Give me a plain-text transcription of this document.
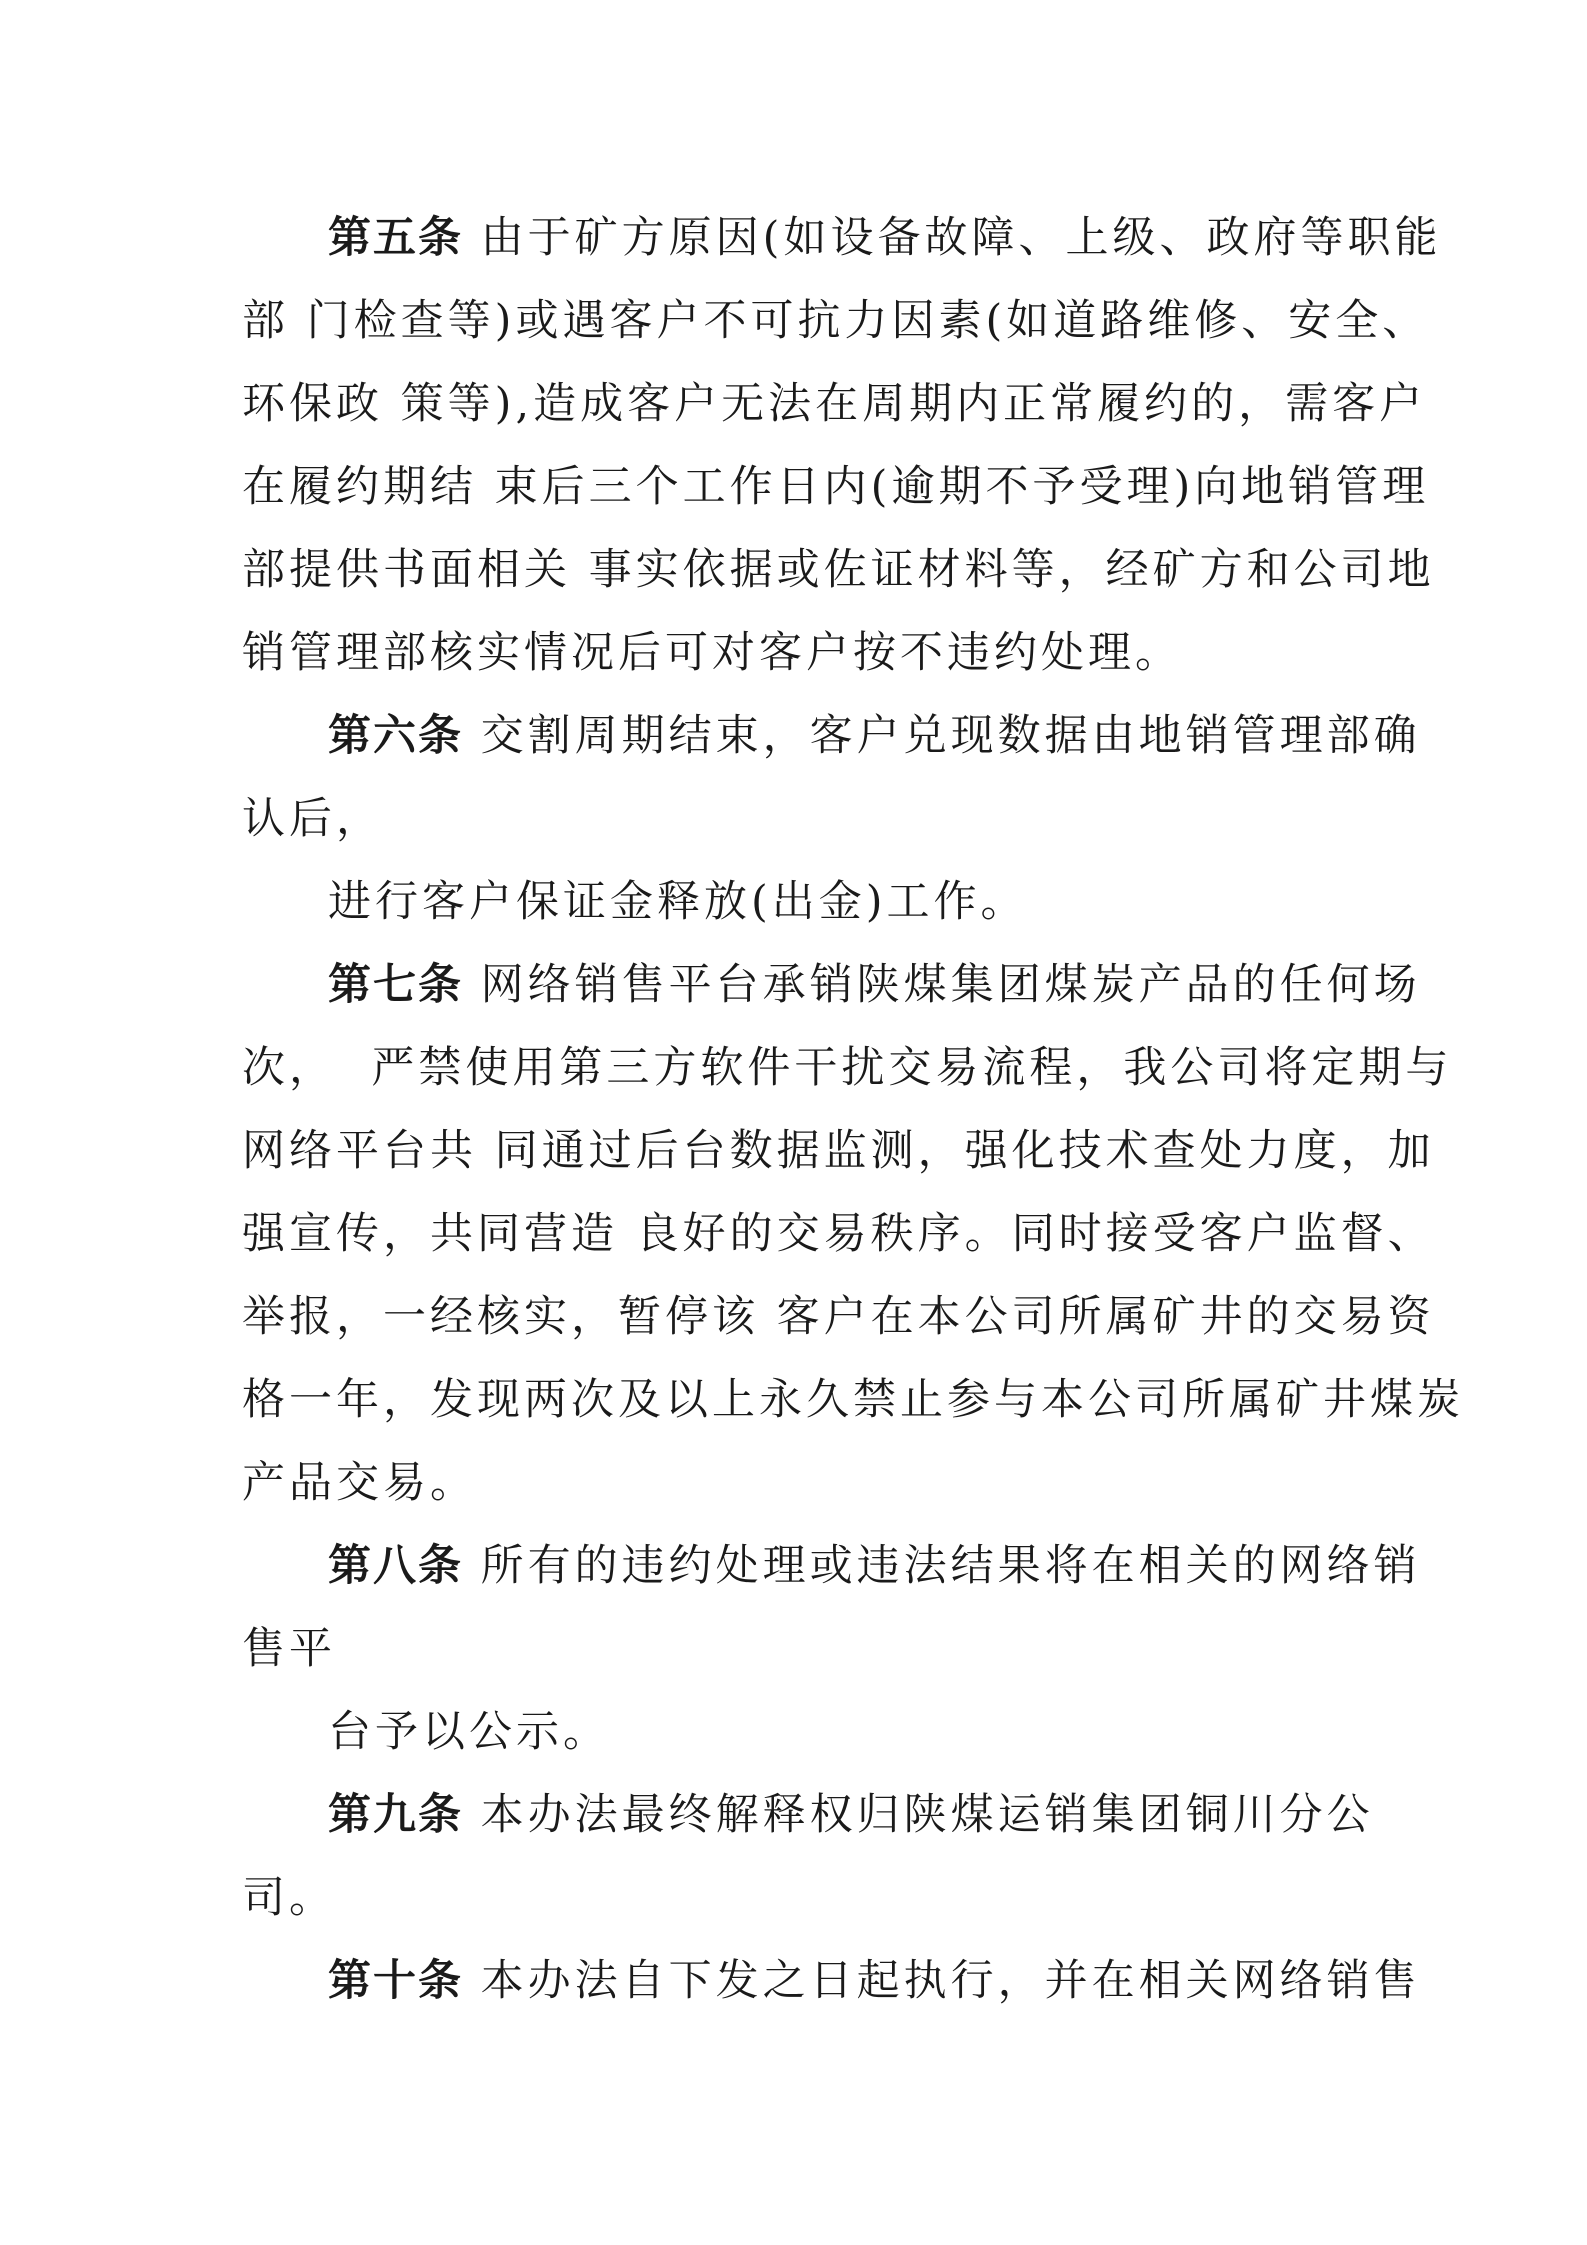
第五条 由于矿方原因(如设备故障、上级、政府等职能
部 门检查等)或遇客户不可抗力因素(如道路维修、安全、
环保政 策等),造成客户无法在周期内正常履约的，需客户
在履约期结 束后三个工作日内(逾期不予受理)向地销管理
部提供书面相关 事实依据或佐证材料等，经矿方和公司地
销管理部核实情况后可对客户按不违约处理。
第六条 交割周期结束，客户兑现数据由地销管理部确
认后，
进行客户保证金释放(出金)工作。
第七条 网络销售平台承销陕煤集团煤炭产品的任何场
次，  严禁使用第三方软件干扰交易流程，我公司将定期与
网络平台共 同通过后台数据监测，强化技术查处力度，加
强宣传，共同营造 良好的交易秩序。同时接受客户监督、
举报，一经核实，暂停该 客户在本公司所属矿井的交易资
格一年，发现两次及以上永久禁止参与本公司所属矿井煤炭
产品交易。
第八条 所有的违约处理或违法结果将在相关的网络销
售平
台予以公示。
第九条 本办法最终解释权归陕煤运销集团铜川分公
司。
第十条 本办法自下发之日起执行，并在相关网络销售
